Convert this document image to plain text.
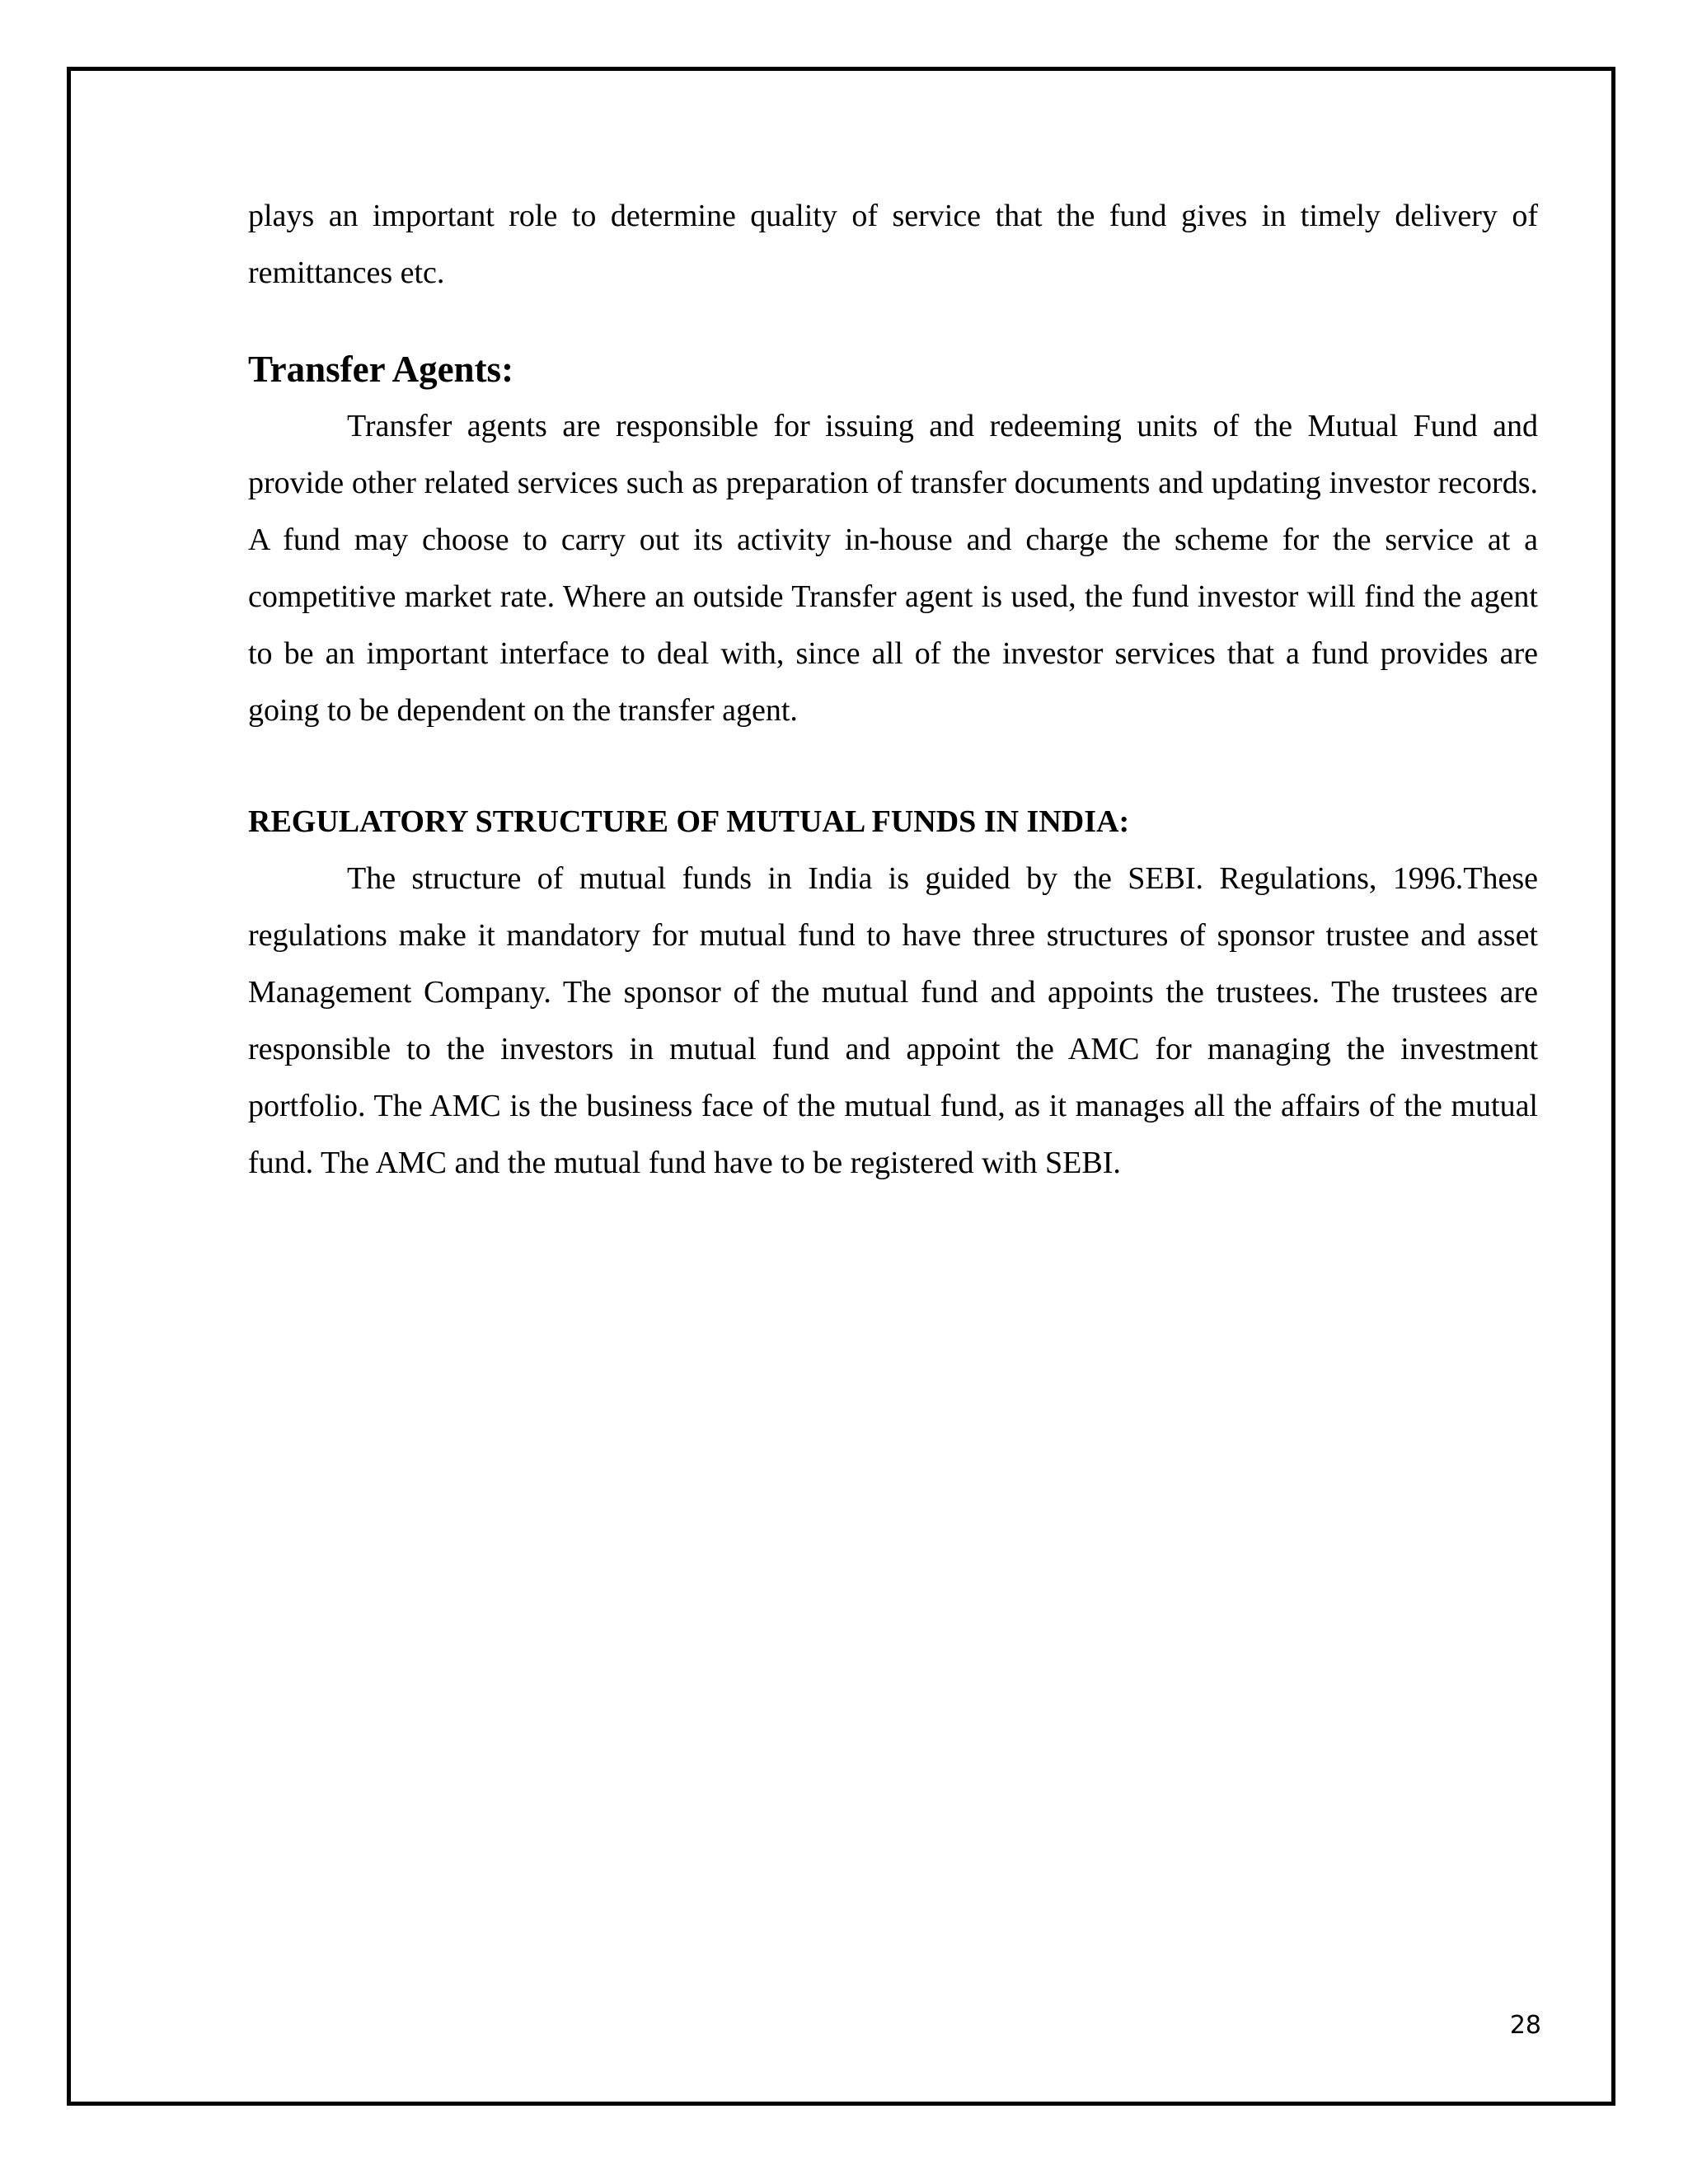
plays an important role to determine quality of service that the fund gives in timely delivery of remittances etc.

Transfer Agents:

Transfer agents are responsible for issuing and redeeming units of the Mutual Fund and provide other related services such as preparation of transfer documents and updating investor records. A fund may choose to carry out its activity in-house and charge the scheme for the service at a competitive market rate. Where an outside Transfer agent is used, the fund investor will find the agent to be an important interface to deal with, since all of the investor services that a fund provides are going to be dependent on the transfer agent.

REGULATORY STRUCTURE OF MUTUAL FUNDS IN INDIA:

The structure of mutual funds in India is guided by the SEBI. Regulations, 1996.These regulations make it mandatory for mutual fund to have three structures of sponsor trustee and asset Management Company. The sponsor of the mutual fund and appoints the trustees. The trustees are responsible to the investors in mutual fund and appoint the AMC for managing the investment portfolio. The AMC is the business face of the mutual fund, as it manages all the affairs of the mutual fund. The AMC and the mutual fund have to be registered with SEBI.

28
